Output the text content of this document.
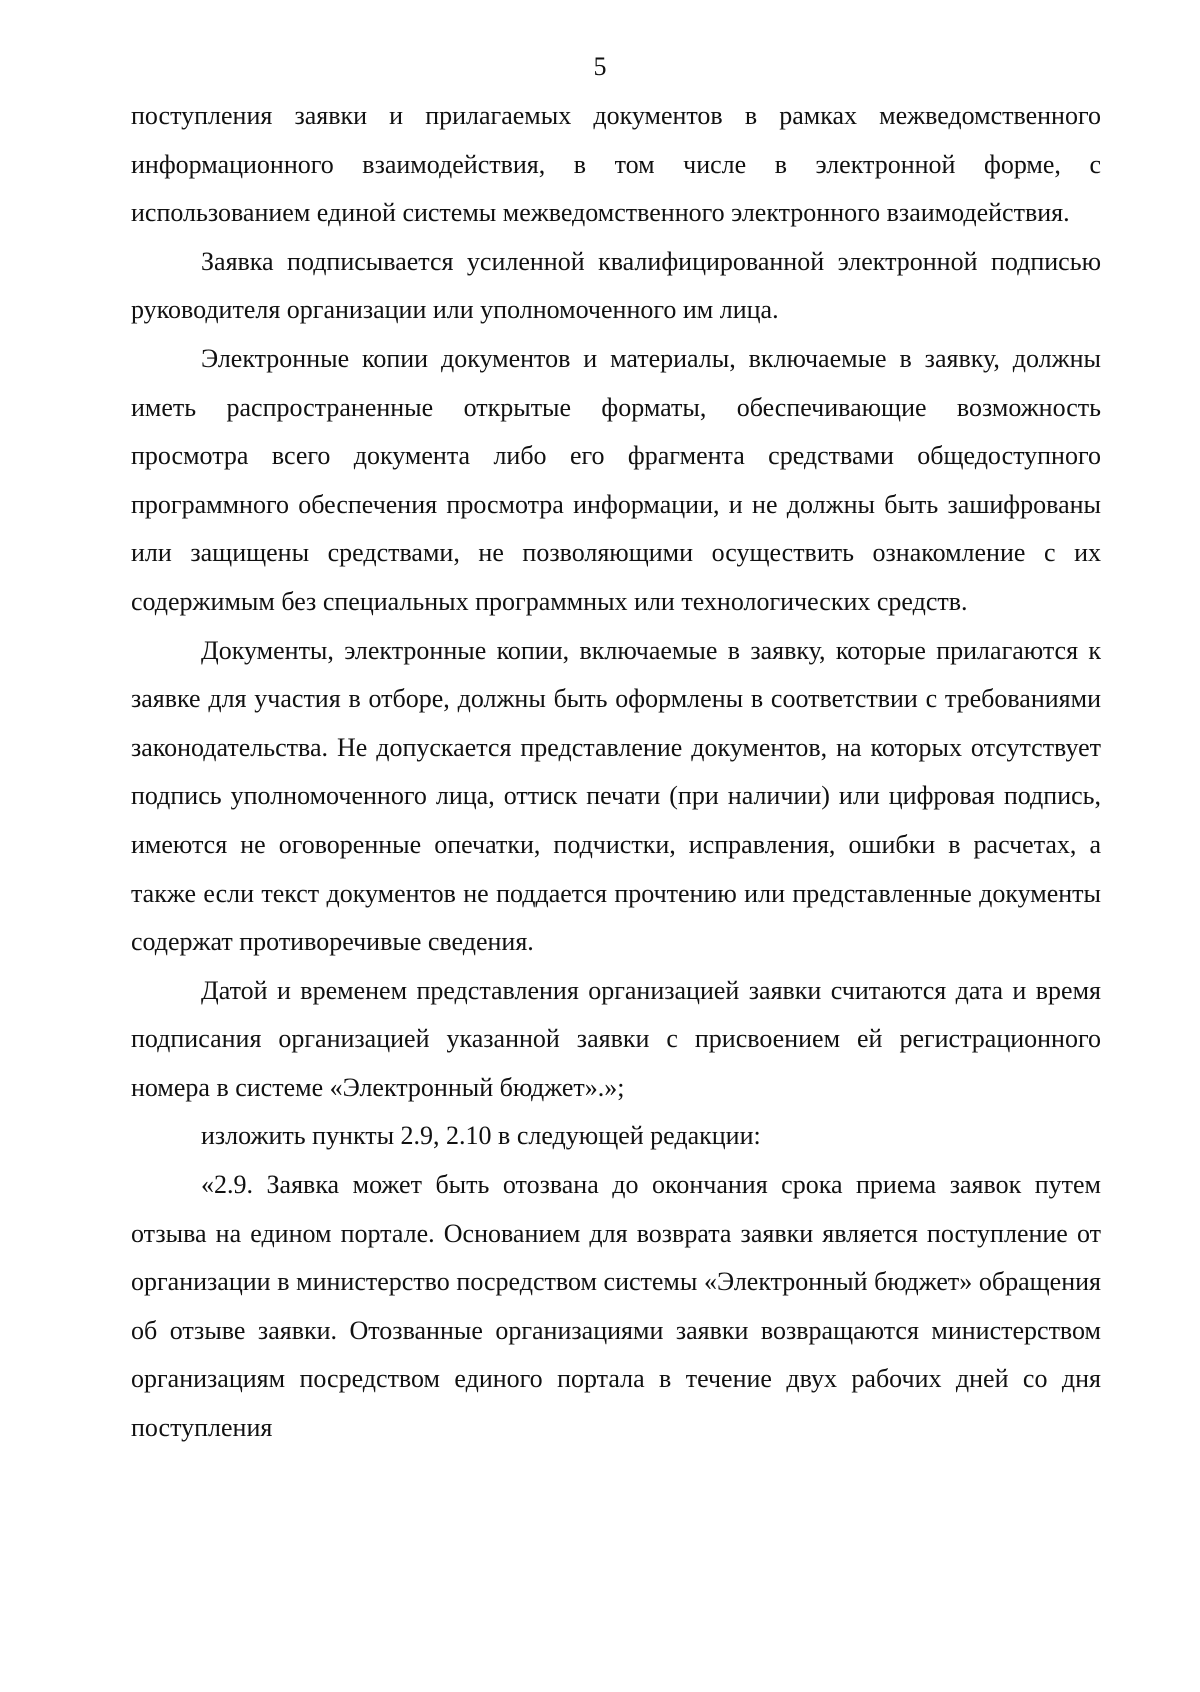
5

поступления заявки и прилагаемых документов в рамках межведомственного информационного взаимодействия, в том числе в электронной форме, с использованием единой системы межведомственного электронного взаимодействия.

Заявка подписывается усиленной квалифицированной электронной подписью руководителя организации или уполномоченного им лица.

Электронные копии документов и материалы, включаемые в заявку, должны иметь распространенные открытые форматы, обеспечивающие возможность просмотра всего документа либо его фрагмента средствами общедоступного программного обеспечения просмотра информации, и не должны быть зашифрованы или защищены средствами, не позволяющими осуществить ознакомление с их содержимым без специальных программных или технологических средств.

Документы, электронные копии, включаемые в заявку, которые прилагаются к заявке для участия в отборе, должны быть оформлены в соответствии с требованиями законодательства. Не допускается представление документов, на которых отсутствует подпись уполномоченного лица, оттиск печати (при наличии) или цифровая подпись, имеются не оговоренные опечатки, подчистки, исправления, ошибки в расчетах, а также если текст документов не поддается прочтению или представленные документы содержат противоречивые сведения.

Датой и временем представления организацией заявки считаются дата и время подписания организацией указанной заявки с присвоением ей регистрационного номера в системе «Электронный бюджет».»;

изложить пункты 2.9, 2.10 в следующей редакции:

«2.9. Заявка может быть отозвана до окончания срока приема заявок путем отзыва на едином портале. Основанием для возврата заявки является поступление от организации в министерство посредством системы «Электронный бюджет» обращения об отзыве заявки. Отозванные организациями заявки возвращаются министерством организациям посредством единого портала в течение двух рабочих дней со дня поступления
